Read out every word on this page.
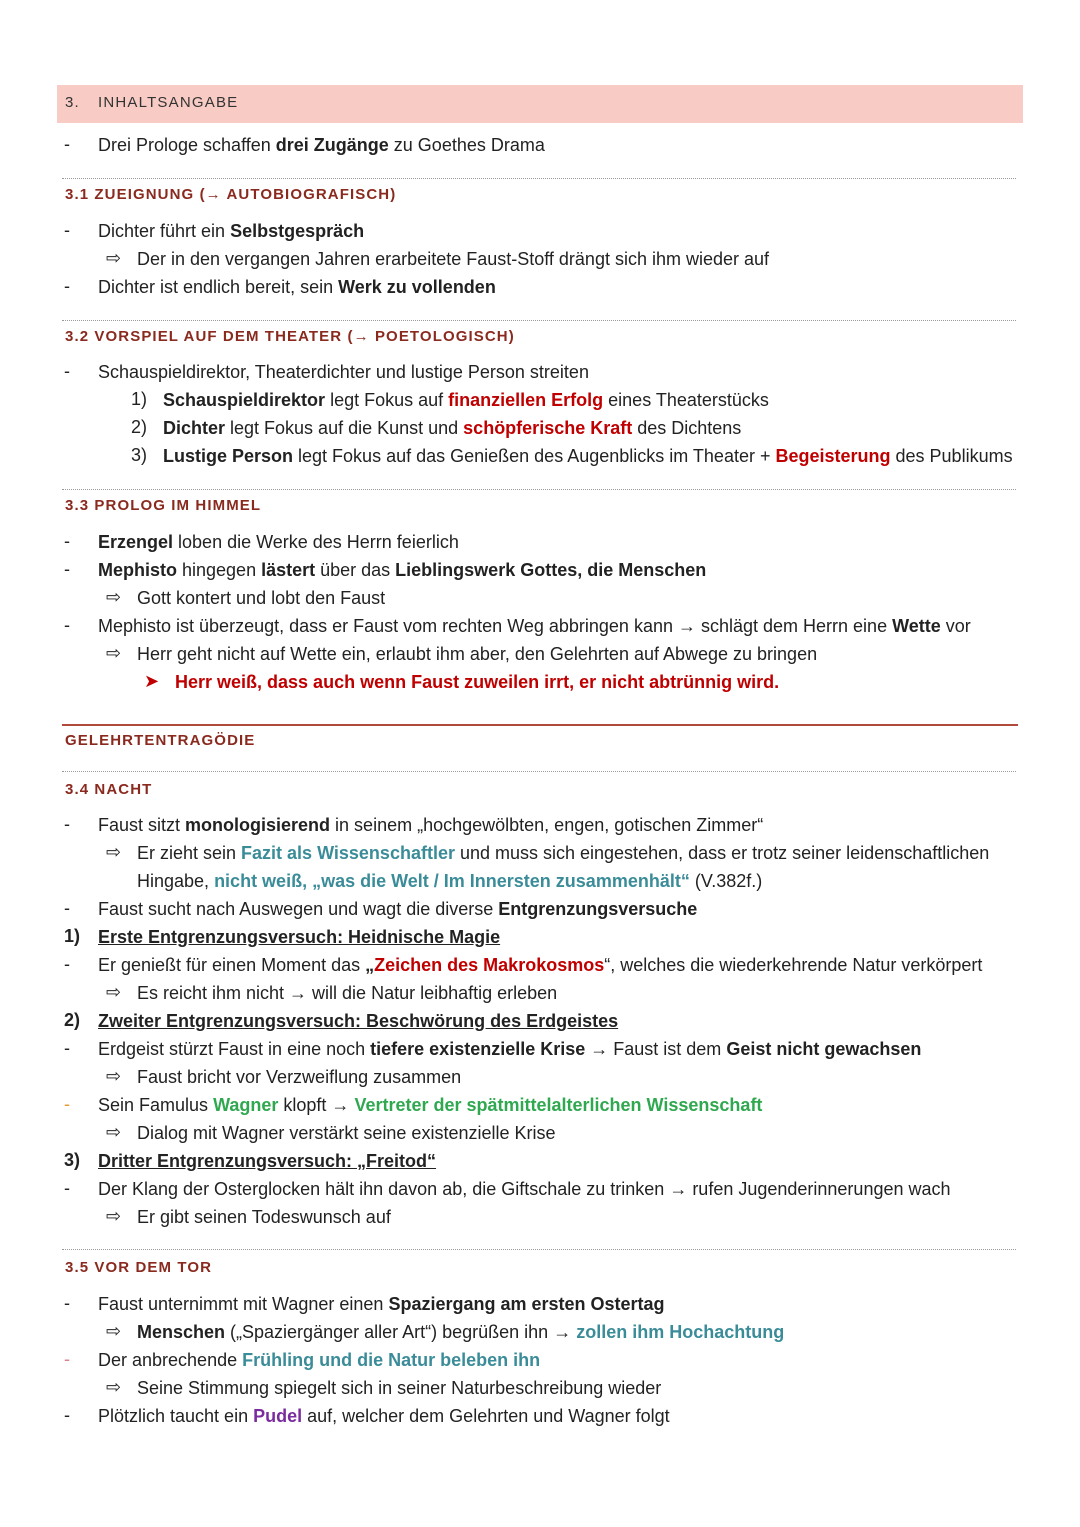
3. INHALTSANGABE
- Drei Prologe schaffen drei Zugänge zu Goethes Drama
3.1 ZUEIGNUNG (→ AUTOBIOGRAFISCH)
- Dichter führt ein Selbstgespräch
⇨ Der in den vergangen Jahren erarbeitete Faust-Stoff drängt sich ihm wieder auf
- Dichter ist endlich bereit, sein Werk zu vollenden
3.2 VORSPIEL AUF DEM THEATER (→ POETOLOGISCH)
- Schauspieldirektor, Theaterdichter und lustige Person streiten
1) Schauspieldirektor legt Fokus auf finanziellen Erfolg eines Theaterstücks
2) Dichter legt Fokus auf die Kunst und schöpferische Kraft des Dichtens
3) Lustige Person legt Fokus auf das Genießen des Augenblicks im Theater + Begeisterung des Publikums
3.3 PROLOG IM HIMMEL
- Erzengel loben die Werke des Herrn feierlich
- Mephisto hingegen lästert über das Lieblingswerk Gottes, die Menschen
⇨ Gott kontert und lobt den Faust
- Mephisto ist überzeugt, dass er Faust vom rechten Weg abbringen kann → schlägt dem Herrn eine Wette vor
⇨ Herr geht nicht auf Wette ein, erlaubt ihm aber, den Gelehrten auf Abwege zu bringen
➤ Herr weiß, dass auch wenn Faust zuweilen irrt, er nicht abtrünnig wird.
GELEHRTENTRAGÖDIE
3.4 NACHT
- Faust sitzt monologisierend in seinem „hochgewölbten, engen, gotischen Zimmer“
⇨ Er zieht sein Fazit als Wissenschaftler und muss sich eingestehen, dass er trotz seiner leidenschaftlichen
Hingabe, nicht weiß, „was die Welt / Im Innersten zusammenhält“ (V.382f.)
- Faust sucht nach Auswegen und wagt die diverse Entgrenzungsversuche
1) Erste Entgrenzungsversuch: Heidnische Magie
- Er genießt für einen Moment das „Zeichen des Makrokosmos“, welches die wiederkehrende Natur verkörpert
⇨ Es reicht ihm nicht → will die Natur leibhaftig erleben
2) Zweiter Entgrenzungsversuch: Beschwörung des Erdgeistes
- Erdgeist stürzt Faust in eine noch tiefere existenzielle Krise → Faust ist dem Geist nicht gewachsen
⇨ Faust bricht vor Verzweiflung zusammen
- Sein Famulus Wagner klopft → Vertreter der spätmittelalterlichen Wissenschaft
⇨ Dialog mit Wagner verstärkt seine existenzielle Krise
3) Dritter Entgrenzungsversuch: „Freitod“
- Der Klang der Osterglocken hält ihn davon ab, die Giftschale zu trinken → rufen Jugenderinnerungen wach
⇨ Er gibt seinen Todeswunsch auf
3.5 VOR DEM TOR
- Faust unternimmt mit Wagner einen Spaziergang am ersten Ostertag
⇨ Menschen („Spaziergänger aller Art“) begrüßen ihn → zollen ihm Hochachtung
- Der anbrechende Frühling und die Natur beleben ihn
⇨ Seine Stimmung spiegelt sich in seiner Naturbeschreibung wieder
- Plötzlich taucht ein Pudel auf, welcher dem Gelehrten und Wagner folgt
